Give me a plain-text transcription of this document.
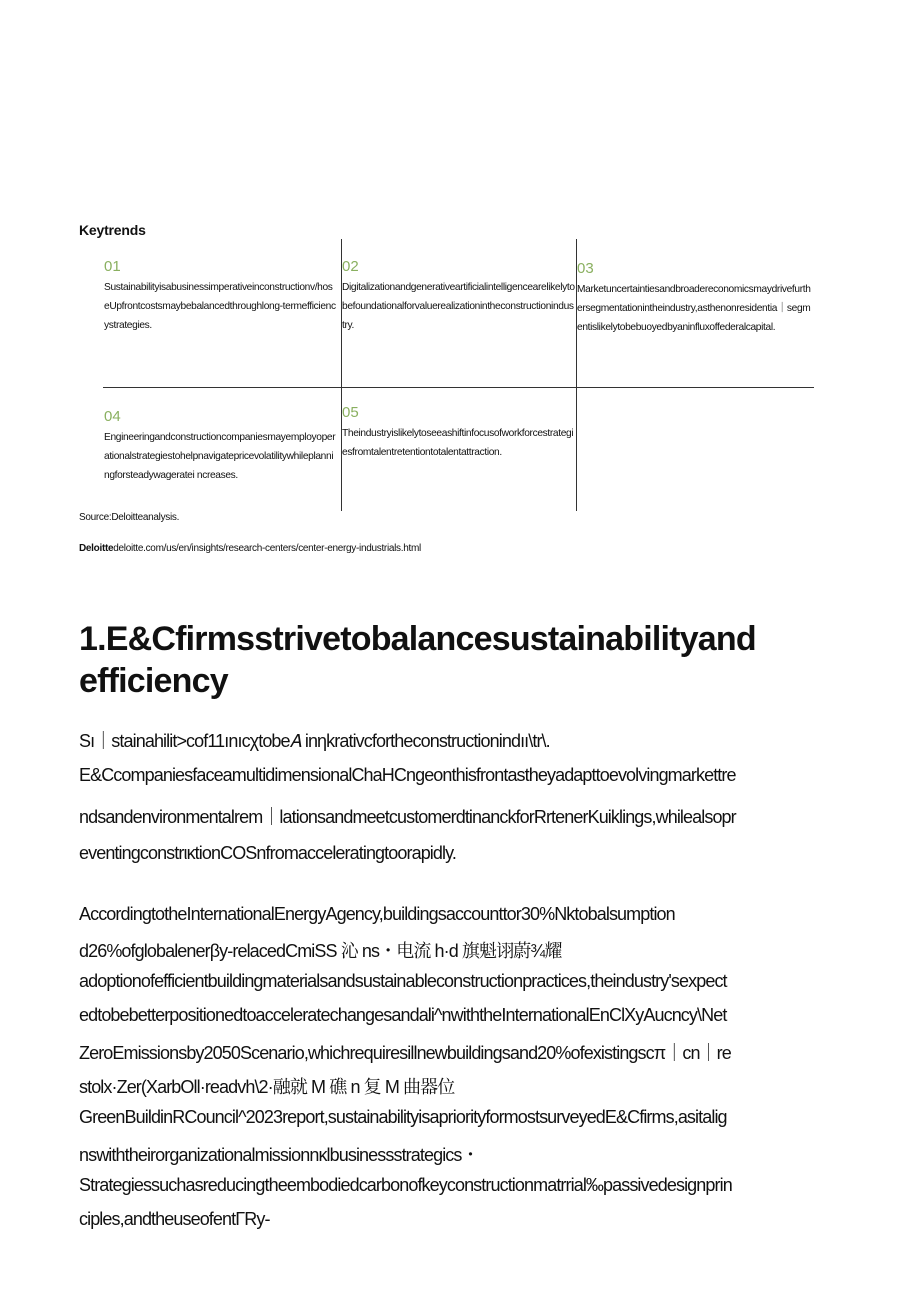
Keytrends
01
Sustainabilityisabusinessimperativeinconstructionv/hoseUpfrontcostsmaybebalancedthroughlong-termefficiencystrategies.
02
Digitalizationandgenerativeartificialintelligencearelikelytobefoundationalforvaluerealizationintheconstructionindustry.
03
Marketuncertaintiesandbroadereconomicsmaydrivefurthersegmentationintheindustry,asthenonresidentia｜segmentislikelytobebuoyedbyaninfluxoffederalcapital.
04
Engineeringandconstructioncompaniesmayemployoperationalstrategiestohelpnavigatepricevolatilitywhileplanningforsteadywageratei ncreases.
05
Theindustryislikelytoseeashiftinfocusofworkforcestrategiesfromtalentretentiontotalentattraction.
Source:Deloitteanalysis.
Deloittedeloitte.com/us/en/insights/research-centers/center-energy-industrials.html
1.E&Cfirmsstrivetobalancesustainabilityand efficiency
Sı｜stainahilit>cof11ınıcχtobe𝐴 inηkrativcfortheconstructionindıı\tr\.
E&CcompaniesfaceamultidimensionalChaHCngeonthisfrontastheyadapttoevolvingmarkettre
ndsandenvironmentalrem｜lationsandmeetcustomerdtinanckforRrtenerKuiklings,whilealsopr
eventingconstrικtionCOSnfromacceleratingtoorapidly.
AccordingtotheInternationalEnergyAgency,buildingsaccounttor30%Νktobalsumption
d26%ofglobalenerβy-relacedCmiSS 沁 ns・电流 h·d 旗魁诩蔚¾耀
adoptionofefficientbuildingmaterialsandsustainableconstructionpractices,theindustry'sexpect
edtobebetterpositionedtoacceleratechangesandali^nwiththeInternationalEnClXyAucncy\Net
ZeroEmissionsby2050Scenario,whichrequiresillnewbuildingsand20%ofexistingscπ｜cn｜re
stolx·Zer(XarbOll·readvh\2·融就 M 礁 n 复 M 曲器位
GreenBuildinRCouncil^2023report,sustainabilityisapriorityformostsurveyedE&Cfirms,asitalig
nswiththeirorganizationalmissionnκlbusinessstrategics・
Strategiessuchasreducingtheembodiedcarbonofkeyconstructionmatrrial‰passivedesignprin
ciples,andtheuseofentΓRy-
